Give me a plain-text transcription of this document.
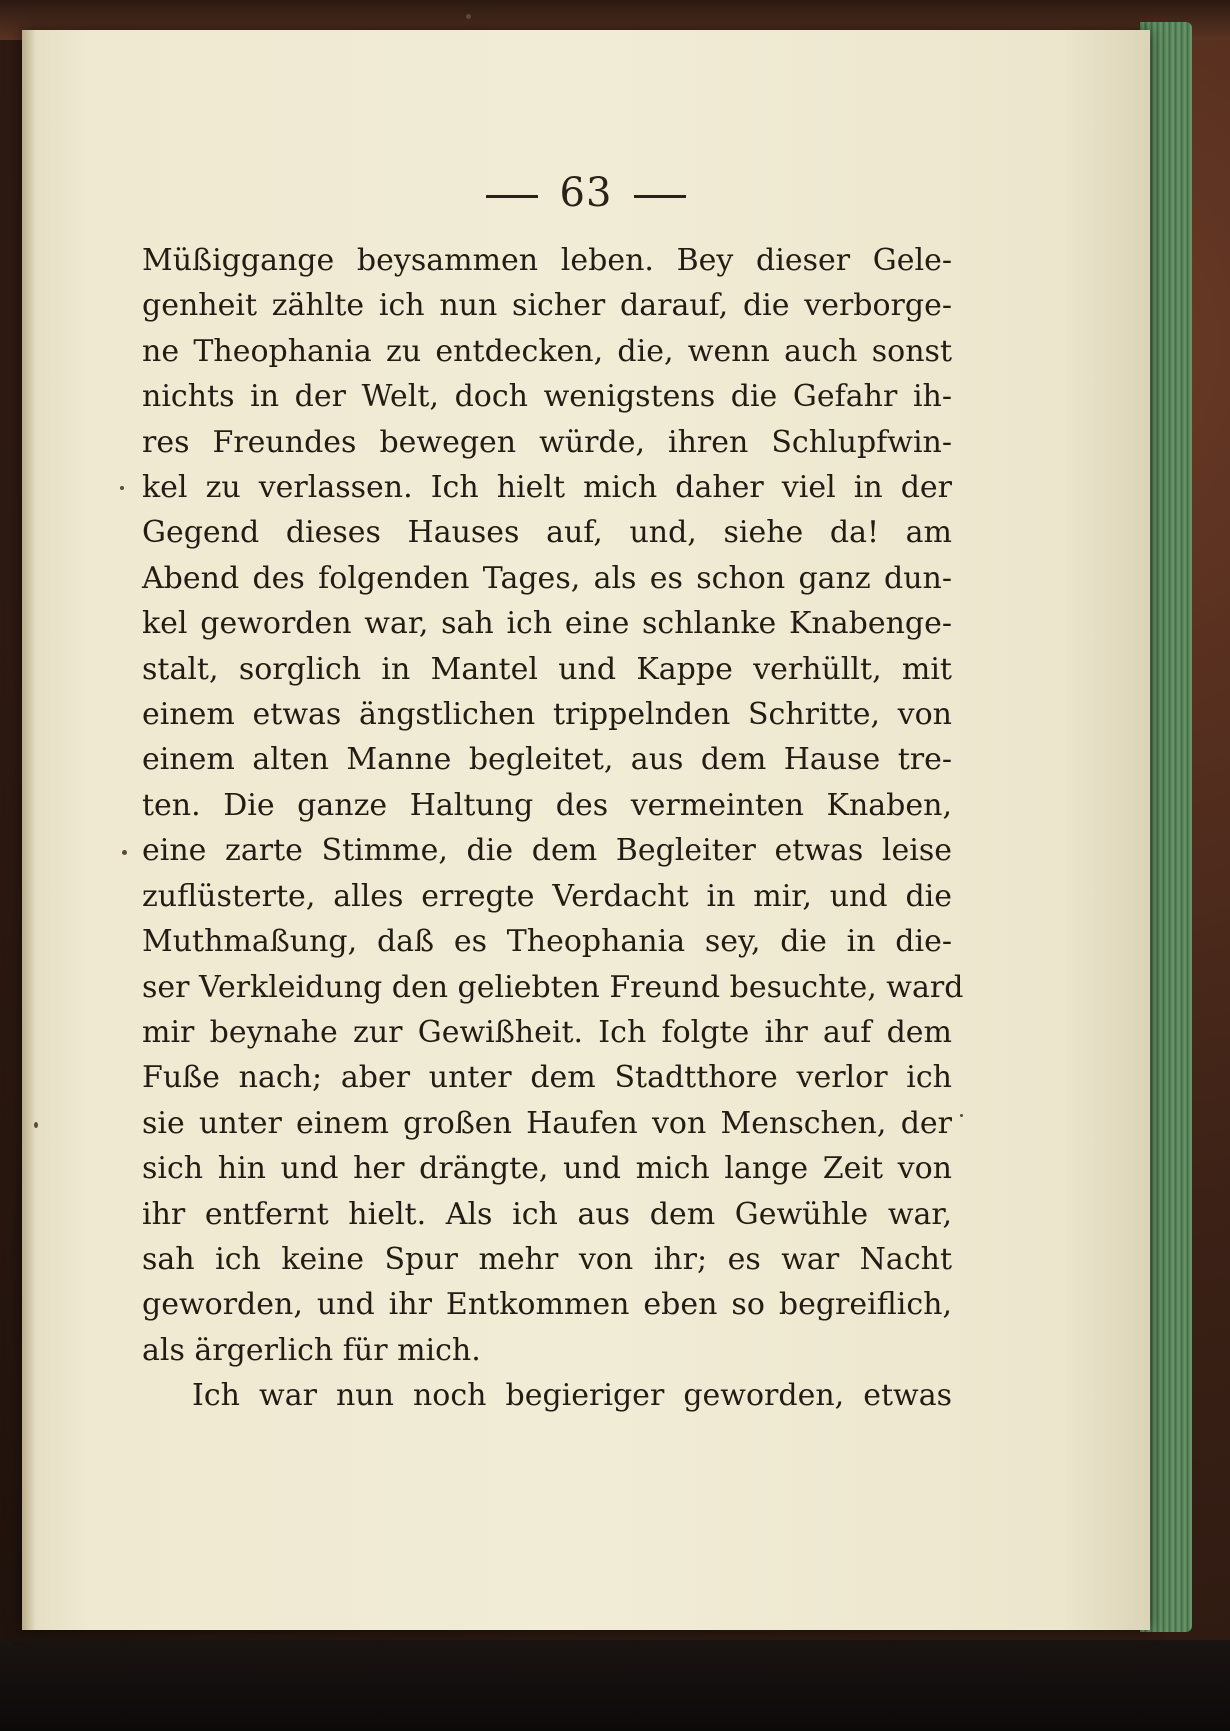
63
Müßiggange beysammen leben. Bey dieser Gele-
genheit zählte ich nun sicher darauf, die verborge-
ne Theophania zu entdecken, die, wenn auch sonst
nichts in der Welt, doch wenigstens die Gefahr ih-
res Freundes bewegen würde, ihren Schlupfwin-
kel zu verlassen. Ich hielt mich daher viel in der
Gegend dieses Hauses auf, und, siehe da! am
Abend des folgenden Tages, als es schon ganz dun-
kel geworden war, sah ich eine schlanke Knabenge-
stalt, sorglich in Mantel und Kappe verhüllt, mit
einem etwas ängstlichen trippelnden Schritte, von
einem alten Manne begleitet, aus dem Hause tre-
ten. Die ganze Haltung des vermeinten Knaben,
eine zarte Stimme, die dem Begleiter etwas leise
zuflüsterte, alles erregte Verdacht in mir, und die
Muthmaßung, daß es Theophania sey, die in die-
ser Verkleidung den geliebten Freund besuchte, ward
mir beynahe zur Gewißheit. Ich folgte ihr auf dem
Fuße nach; aber unter dem Stadtthore verlor ich
sie unter einem großen Haufen von Menschen, der
sich hin und her drängte, und mich lange Zeit von
ihr entfernt hielt. Als ich aus dem Gewühle war,
sah ich keine Spur mehr von ihr; es war Nacht
geworden, und ihr Entkommen eben so begreiflich,
als ärgerlich für mich.
Ich war nun noch begieriger geworden, etwas
